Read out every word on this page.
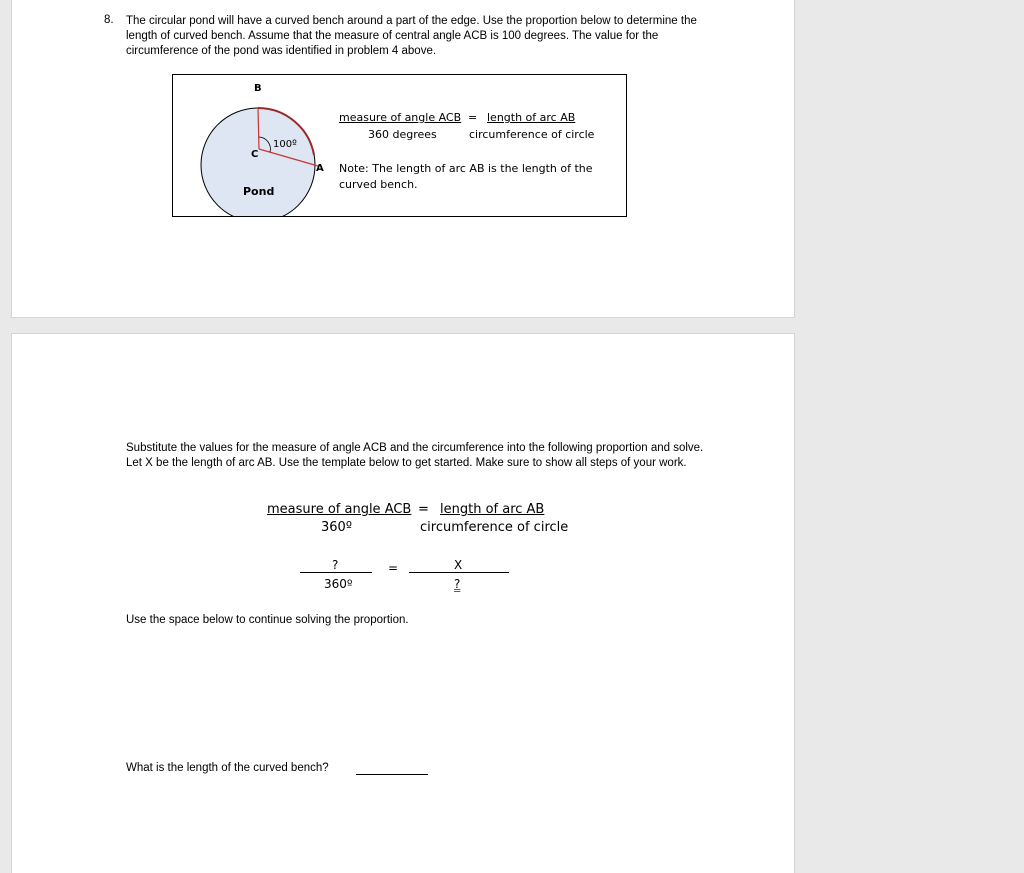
8. The circular pond will have a curved bench around a part of the edge. Use the proportion below to determine the length of curved bench. Assume that the measure of central angle ACB is 100 degrees. The value for the circumference of the pond was identified in problem 4 above.
B
C
A
100º
Pond
measure of angle ACB = length of arc AB
360 degrees	circumference of circle
Note: The length of arc AB is the length of the curved bench.
Substitute the values for the measure of angle ACB and the circumference into the following proportion and solve. Let X be the length of arc AB. Use the template below to get started. Make sure to show all steps of your work.
measure of angle ACB = length of arc AB
360º	circumference of circle
?	=	X
360º	?
Use the space below to continue solving the proportion.
What is the length of the curved bench?
